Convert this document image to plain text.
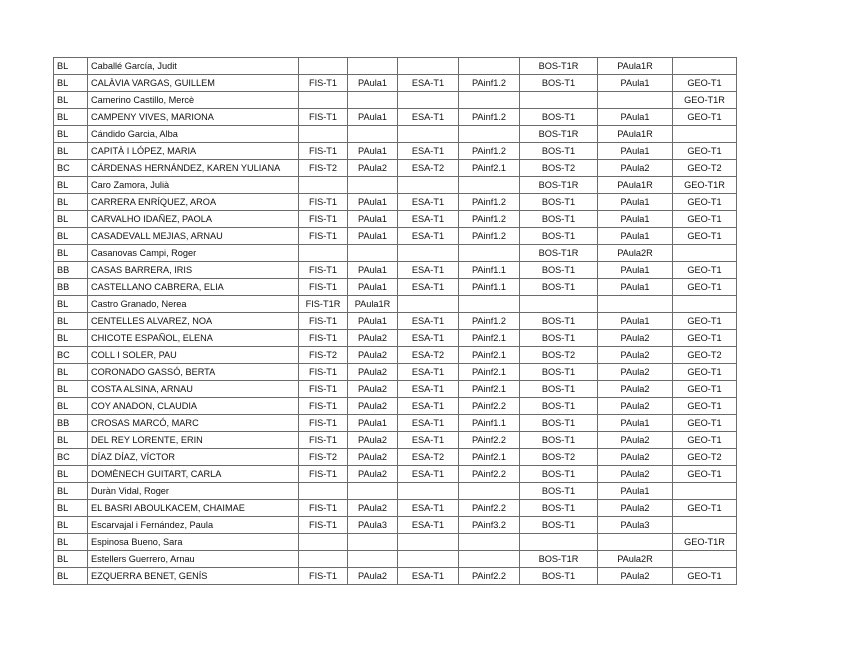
BL	Caballé García, Judit					BOS-T1R	PAula1R	
BL	CALÀVIA VARGAS, GUILLEM	FIS-T1	PAula1	ESA-T1	PAinf1.2	BOS-T1	PAula1	GEO-T1
BL	Camerino Castillo, Mercè							GEO-T1R
BL	CAMPENY VIVES, MARIONA	FIS-T1	PAula1	ESA-T1	PAinf1.2	BOS-T1	PAula1	GEO-T1
BL	Cándido Garcia, Alba					BOS-T1R	PAula1R	
BL	CAPITÀ I LÓPEZ, MARIA	FIS-T1	PAula1	ESA-T1	PAinf1.2	BOS-T1	PAula1	GEO-T1
BC	CÁRDENAS HERNÁNDEZ, KAREN YULIANA	FIS-T2	PAula2	ESA-T2	PAinf2.1	BOS-T2	PAula2	GEO-T2
BL	Caro Zamora, Julià					BOS-T1R	PAula1R	GEO-T1R
BL	CARRERA ENRÍQUEZ, AROA	FIS-T1	PAula1	ESA-T1	PAinf1.2	BOS-T1	PAula1	GEO-T1
BL	CARVALHO IDAÑEZ, PAOLA	FIS-T1	PAula1	ESA-T1	PAinf1.2	BOS-T1	PAula1	GEO-T1
BL	CASADEVALL MEJIAS, ARNAU	FIS-T1	PAula1	ESA-T1	PAinf1.2	BOS-T1	PAula1	GEO-T1
BL	Casanovas Campi, Roger					BOS-T1R	PAula2R	
BB	CASAS BARRERA, IRIS	FIS-T1	PAula1	ESA-T1	PAinf1.1	BOS-T1	PAula1	GEO-T1
BB	CASTELLANO CABRERA, ELIA	FIS-T1	PAula1	ESA-T1	PAinf1.1	BOS-T1	PAula1	GEO-T1
BL	Castro Granado, Nerea	FIS-T1R	PAula1R					
BL	CENTELLES ALVAREZ, NOA	FIS-T1	PAula1	ESA-T1	PAinf1.2	BOS-T1	PAula1	GEO-T1
BL	CHICOTE ESPAÑOL, ELENA	FIS-T1	PAula2	ESA-T1	PAinf2.1	BOS-T1	PAula2	GEO-T1
BC	COLL I SOLER, PAU	FIS-T2	PAula2	ESA-T2	PAinf2.1	BOS-T2	PAula2	GEO-T2
BL	CORONADO GASSÓ, BERTA	FIS-T1	PAula2	ESA-T1	PAinf2.1	BOS-T1	PAula2	GEO-T1
BL	COSTA ALSINA, ARNAU	FIS-T1	PAula2	ESA-T1	PAinf2.1	BOS-T1	PAula2	GEO-T1
BL	COY ANADON, CLAUDIA	FIS-T1	PAula2	ESA-T1	PAinf2.2	BOS-T1	PAula2	GEO-T1
BB	CROSAS MARCÓ, MARC	FIS-T1	PAula1	ESA-T1	PAinf1.1	BOS-T1	PAula1	GEO-T1
BL	DEL REY LORENTE, ERIN	FIS-T1	PAula2	ESA-T1	PAinf2.2	BOS-T1	PAula2	GEO-T1
BC	DÍAZ DÍAZ, VÍCTOR	FIS-T2	PAula2	ESA-T2	PAinf2.1	BOS-T2	PAula2	GEO-T2
BL	DOMÈNECH GUITART, CARLA	FIS-T1	PAula2	ESA-T1	PAinf2.2	BOS-T1	PAula2	GEO-T1
BL	Duràn Vidal, Roger					BOS-T1	PAula1	
BL	EL BASRI ABOULKACEM, CHAIMAE	FIS-T1	PAula2	ESA-T1	PAinf2.2	BOS-T1	PAula2	GEO-T1
BL	Escarvajal i Fernández, Paula	FIS-T1	PAula3	ESA-T1	PAinf3.2	BOS-T1	PAula3	
BL	Espinosa Bueno, Sara							GEO-T1R
BL	Estellers Guerrero, Arnau					BOS-T1R	PAula2R	
BL	EZQUERRA BENET, GENÍS	FIS-T1	PAula2	ESA-T1	PAinf2.2	BOS-T1	PAula2	GEO-T1
